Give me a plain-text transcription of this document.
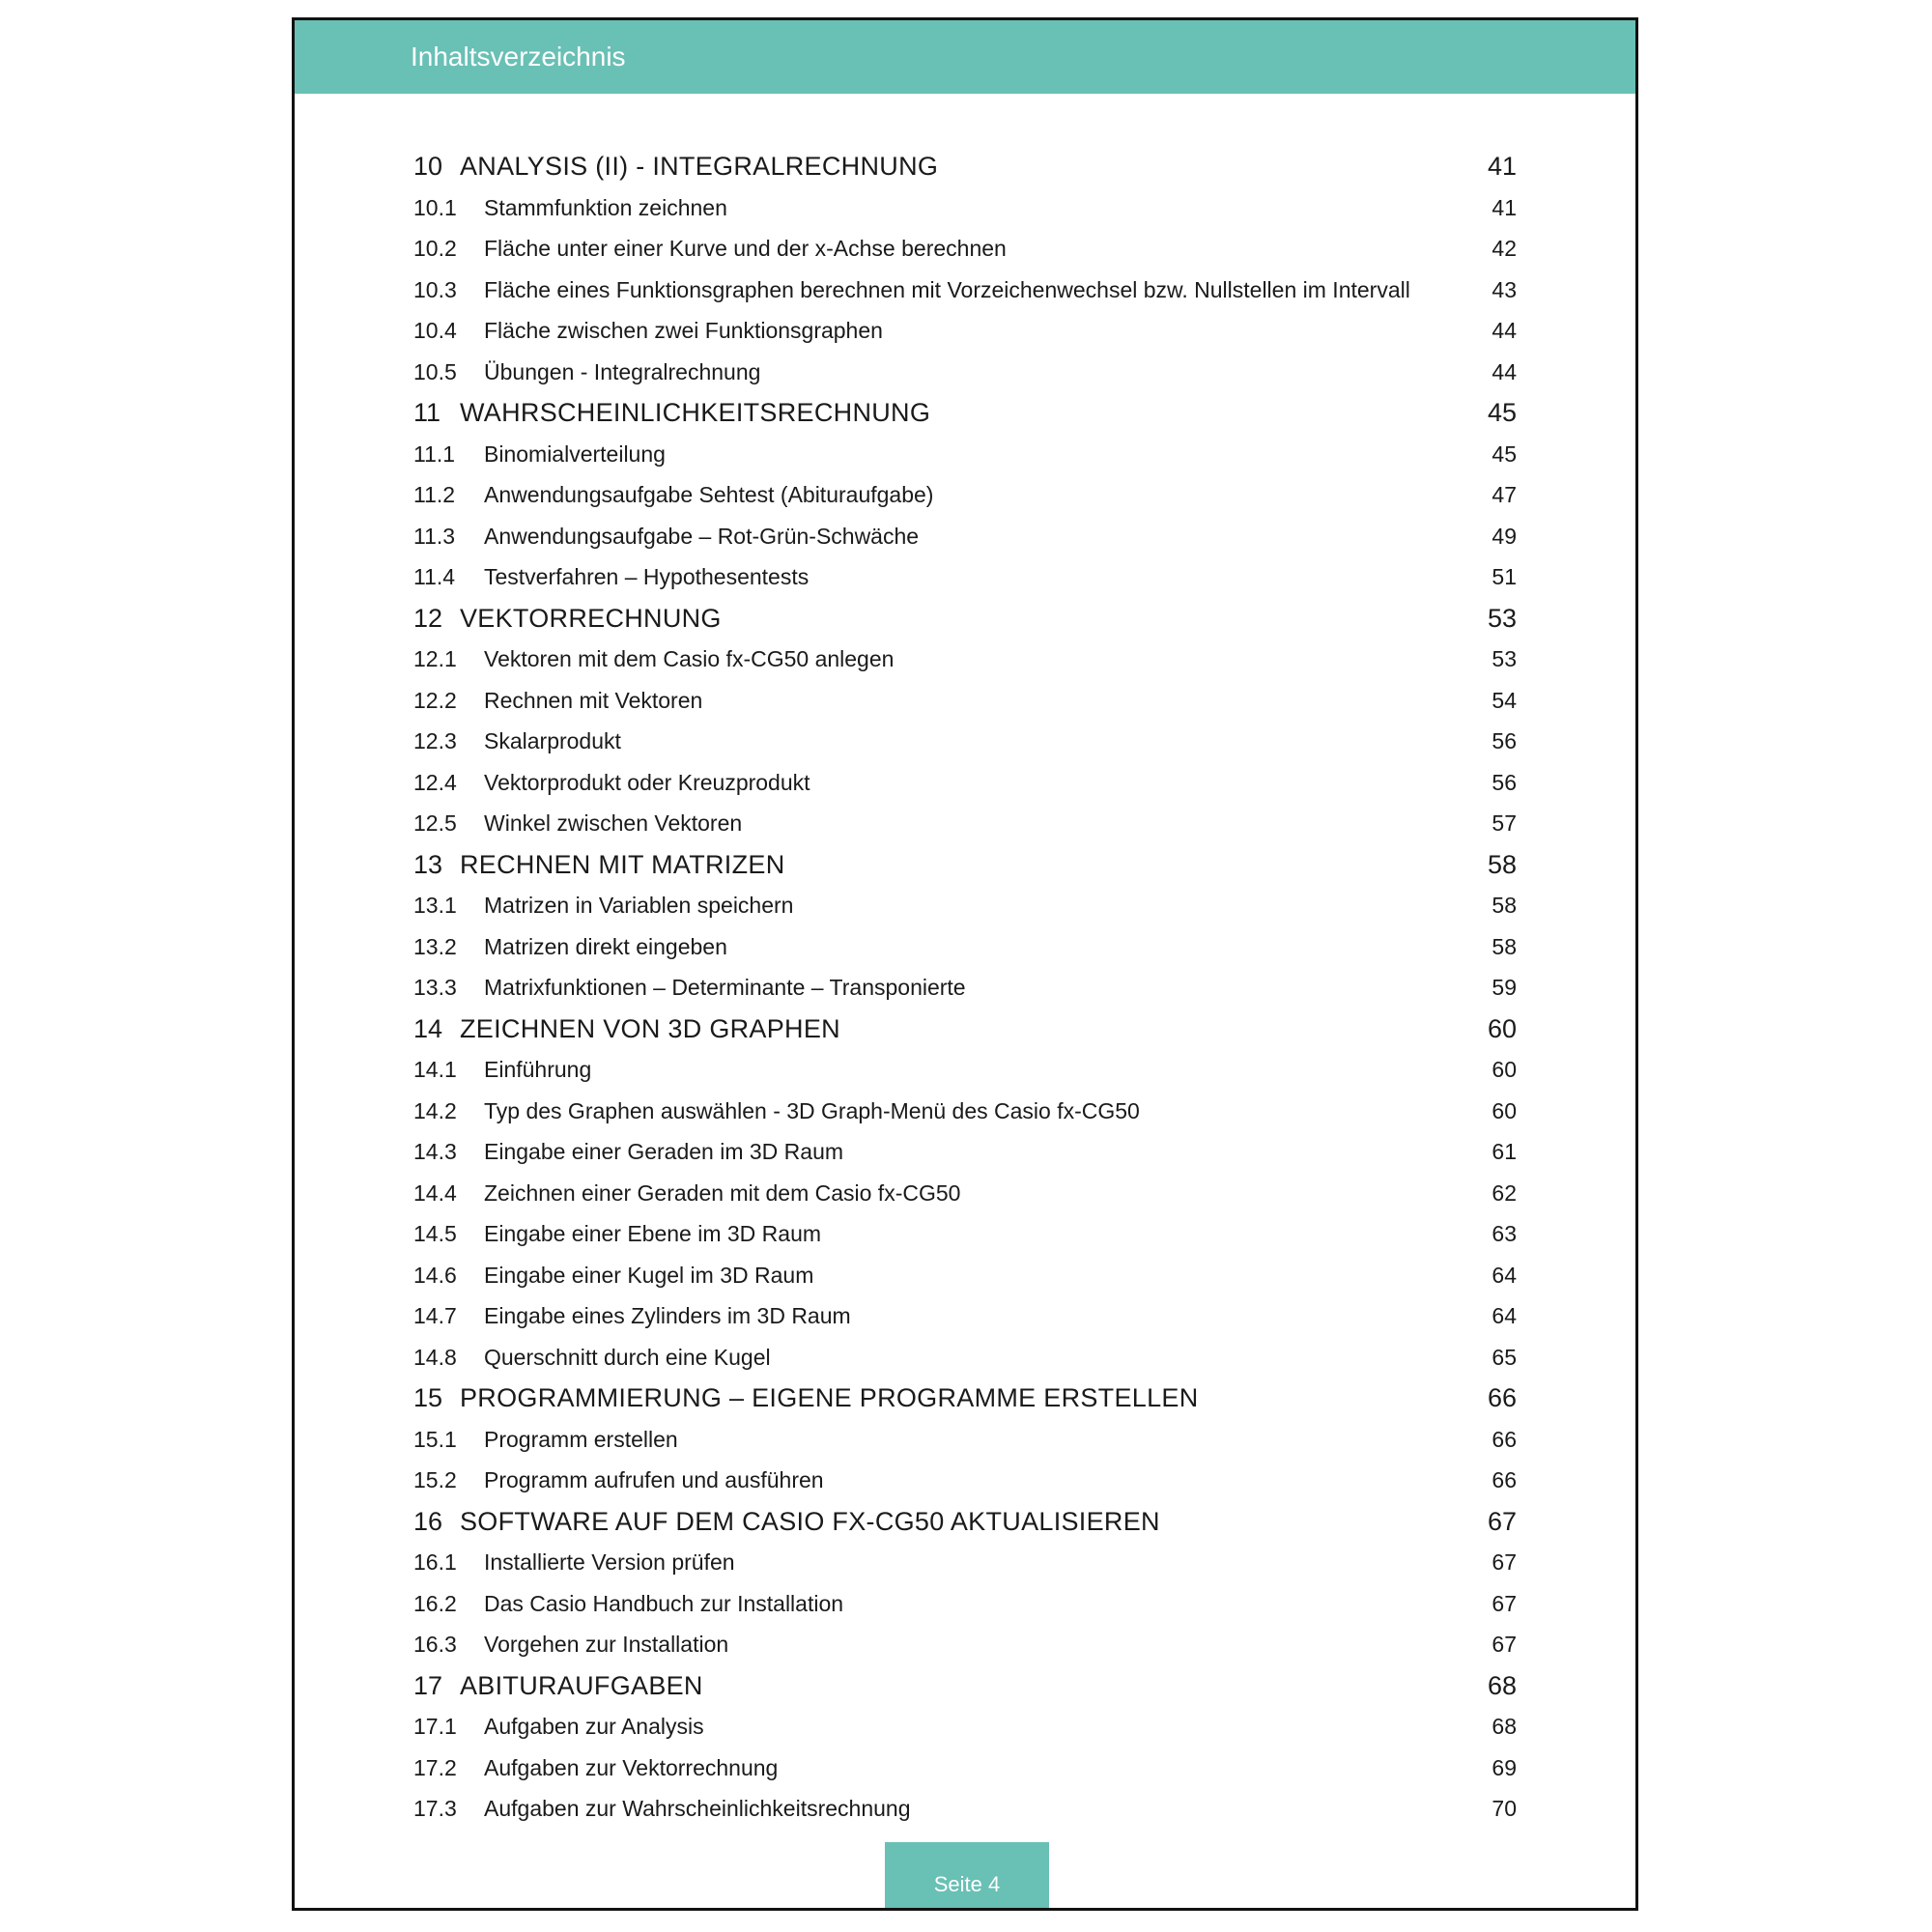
Inhaltsverzeichnis
10 ANALYSIS (II) - INTEGRALRECHNUNG	41
10.1 Stammfunktion zeichnen	41
10.2 Fläche unter einer Kurve und der x-Achse berechnen	42
10.3 Fläche eines Funktionsgraphen berechnen mit Vorzeichenwechsel bzw. Nullstellen im Intervall	43
10.4 Fläche zwischen zwei Funktionsgraphen	44
10.5 Übungen - Integralrechnung	44
11 WAHRSCHEINLICHKEITSRECHNUNG	45
11.1 Binomialverteilung	45
11.2 Anwendungsaufgabe Sehtest (Abituraufgabe)	47
11.3 Anwendungsaufgabe – Rot-Grün-Schwäche	49
11.4 Testverfahren – Hypothesentests	51
12 VEKTORRECHNUNG	53
12.1 Vektoren mit dem Casio fx-CG50 anlegen	53
12.2 Rechnen mit Vektoren	54
12.3 Skalarprodukt	56
12.4 Vektorprodukt oder Kreuzprodukt	56
12.5 Winkel zwischen Vektoren	57
13 RECHNEN MIT MATRIZEN	58
13.1 Matrizen in Variablen speichern	58
13.2 Matrizen direkt eingeben	58
13.3 Matrixfunktionen – Determinante – Transponierte	59
14 ZEICHNEN VON 3D GRAPHEN	60
14.1 Einführung	60
14.2 Typ des Graphen auswählen - 3D Graph-Menü des Casio fx-CG50	60
14.3 Eingabe einer Geraden im 3D Raum	61
14.4 Zeichnen einer Geraden mit dem Casio fx-CG50	62
14.5 Eingabe einer Ebene im 3D Raum	63
14.6 Eingabe einer Kugel im 3D Raum	64
14.7 Eingabe eines Zylinders im 3D Raum	64
14.8 Querschnitt durch eine Kugel	65
15 PROGRAMMIERUNG – EIGENE PROGRAMME ERSTELLEN	66
15.1 Programm erstellen	66
15.2 Programm aufrufen und ausführen	66
16 SOFTWARE AUF DEM CASIO FX-CG50 AKTUALISIEREN	67
16.1 Installierte Version prüfen	67
16.2 Das Casio Handbuch zur Installation	67
16.3 Vorgehen zur Installation	67
17 ABITURAUFGABEN	68
17.1 Aufgaben zur Analysis	68
17.2 Aufgaben zur Vektorrechnung	69
17.3 Aufgaben zur Wahrscheinlichkeitsrechnung	70
Seite 4
